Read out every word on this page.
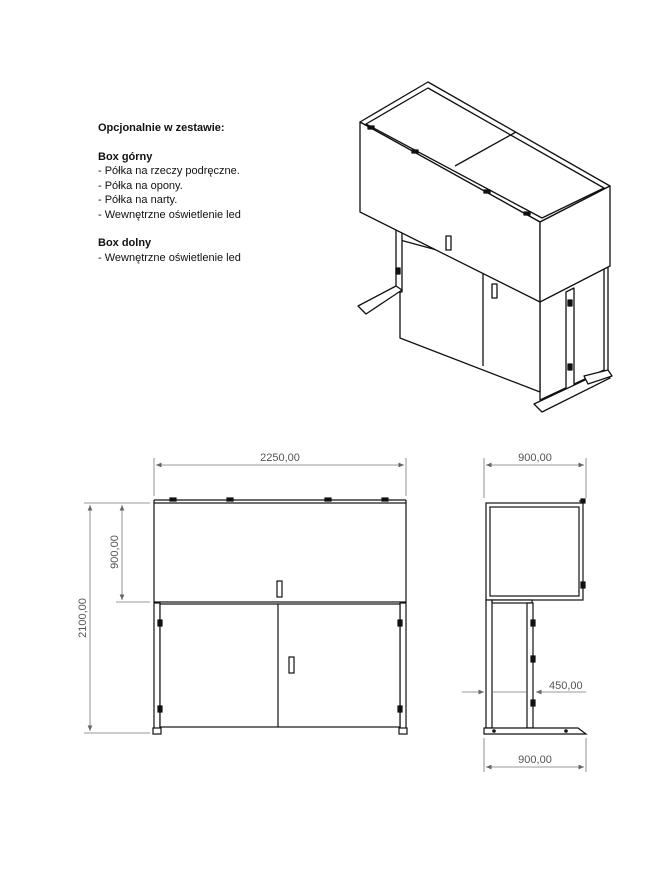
Opcjonalnie w zestawie:

Box górny

- Półka na rzeczy podręczne.

- Półka na opony.

- Półka na narty.

- Wewnętrzne oświetlenie led

Box dolny

- Wewnętrzne oświetlenie led

2250,00
2100,00
900,00
900,00
450,00
900,00
